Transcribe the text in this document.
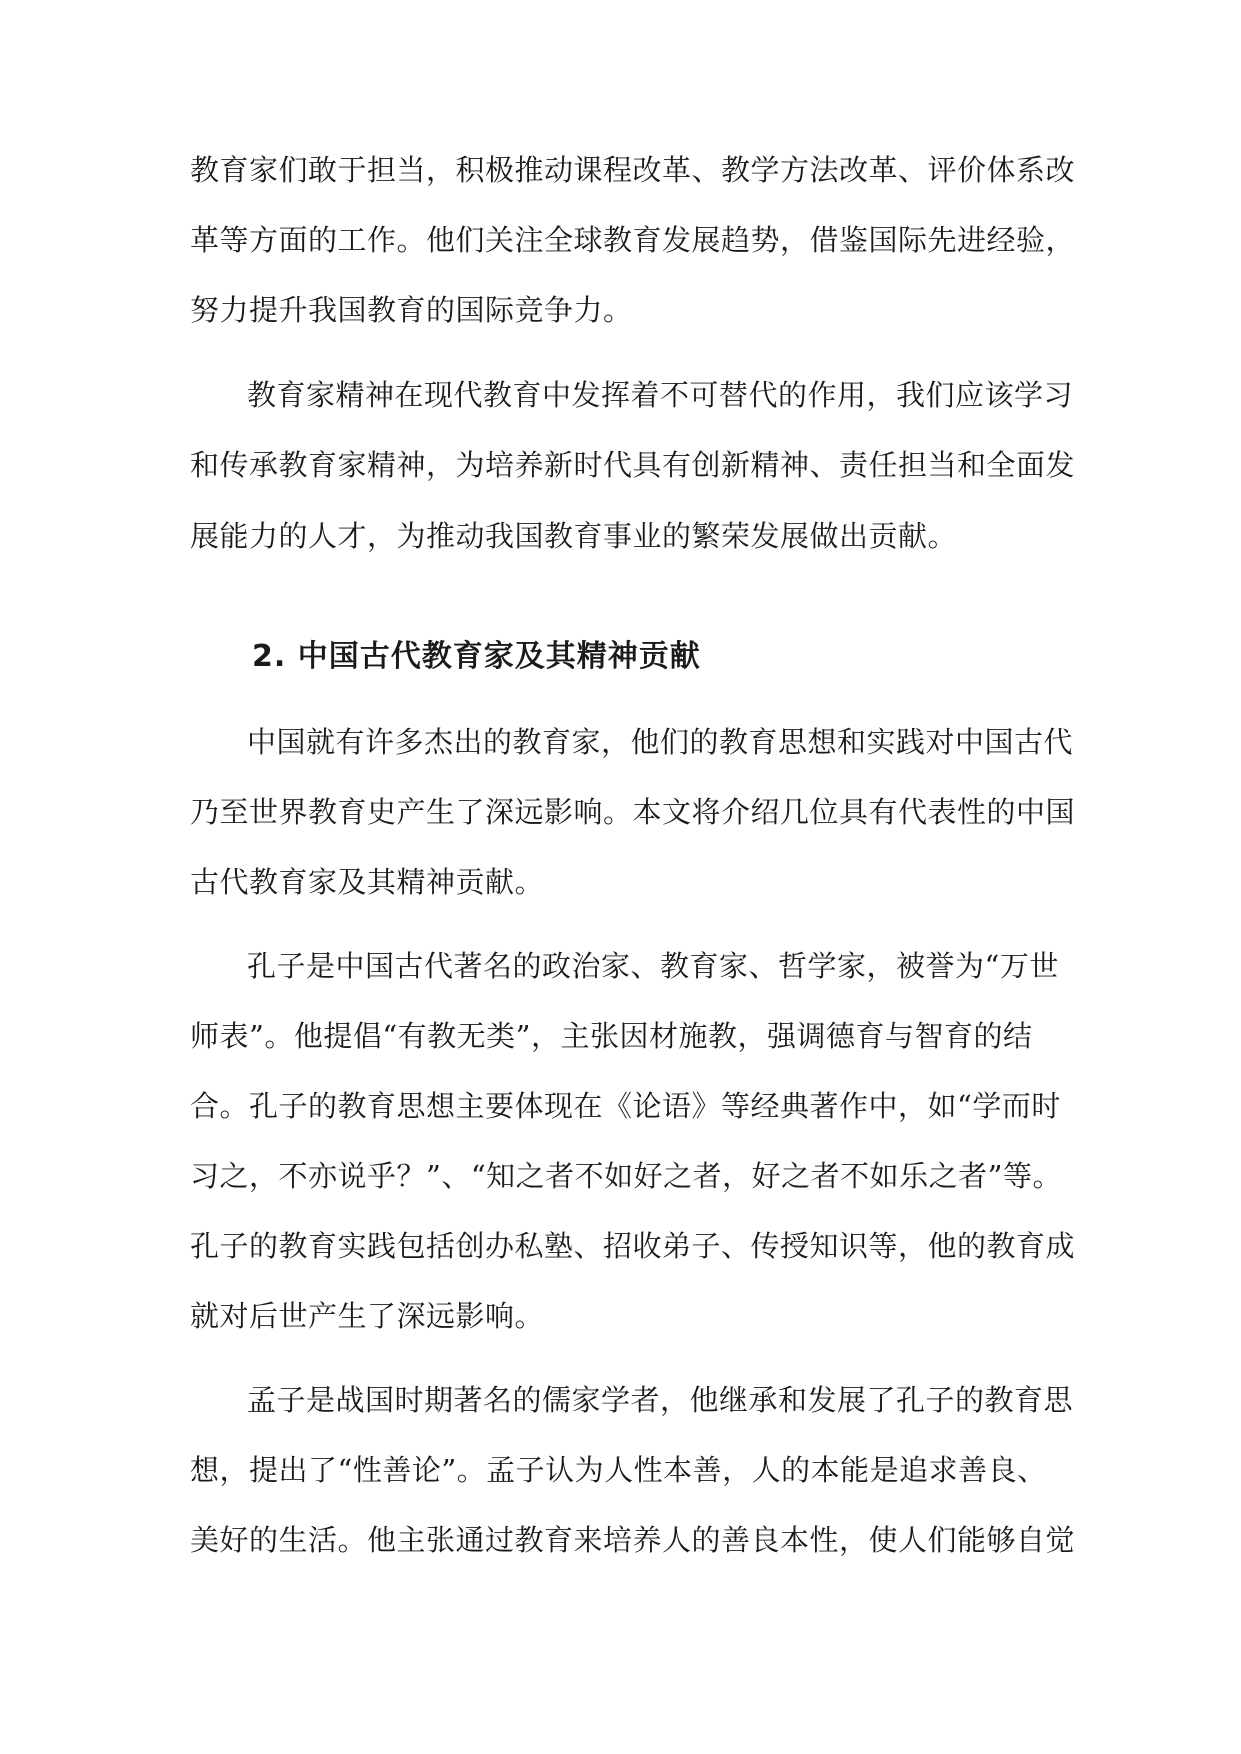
教育家们敢于担当，积极推动课程改革、教学方法改革、评价体系改
革等方面的工作。他们关注全球教育发展趋势，借鉴国际先进经验，
努力提升我国教育的国际竞争力。
教育家精神在现代教育中发挥着不可替代的作用，我们应该学习
和传承教育家精神，为培养新时代具有创新精神、责任担当和全面发
展能力的人才，为推动我国教育事业的繁荣发展做出贡献。
2. 中国古代教育家及其精神贡献
中国就有许多杰出的教育家，他们的教育思想和实践对中国古代
乃至世界教育史产生了深远影响。本文将介绍几位具有代表性的中国
古代教育家及其精神贡献。
孔子是中国古代著名的政治家、教育家、哲学家，被誉为“万世
师表”。他提倡“有教无类”，主张因材施教，强调德育与智育的结
合。孔子的教育思想主要体现在《论语》等经典著作中，如“学而时
习之，不亦说乎？”、“知之者不如好之者，好之者不如乐之者”等。
孔子的教育实践包括创办私塾、招收弟子、传授知识等，他的教育成
就对后世产生了深远影响。
孟子是战国时期著名的儒家学者，他继承和发展了孔子的教育思
想，提出了“性善论”。孟子认为人性本善，人的本能是追求善良、
美好的生活。他主张通过教育来培养人的善良本性，使人们能够自觉
